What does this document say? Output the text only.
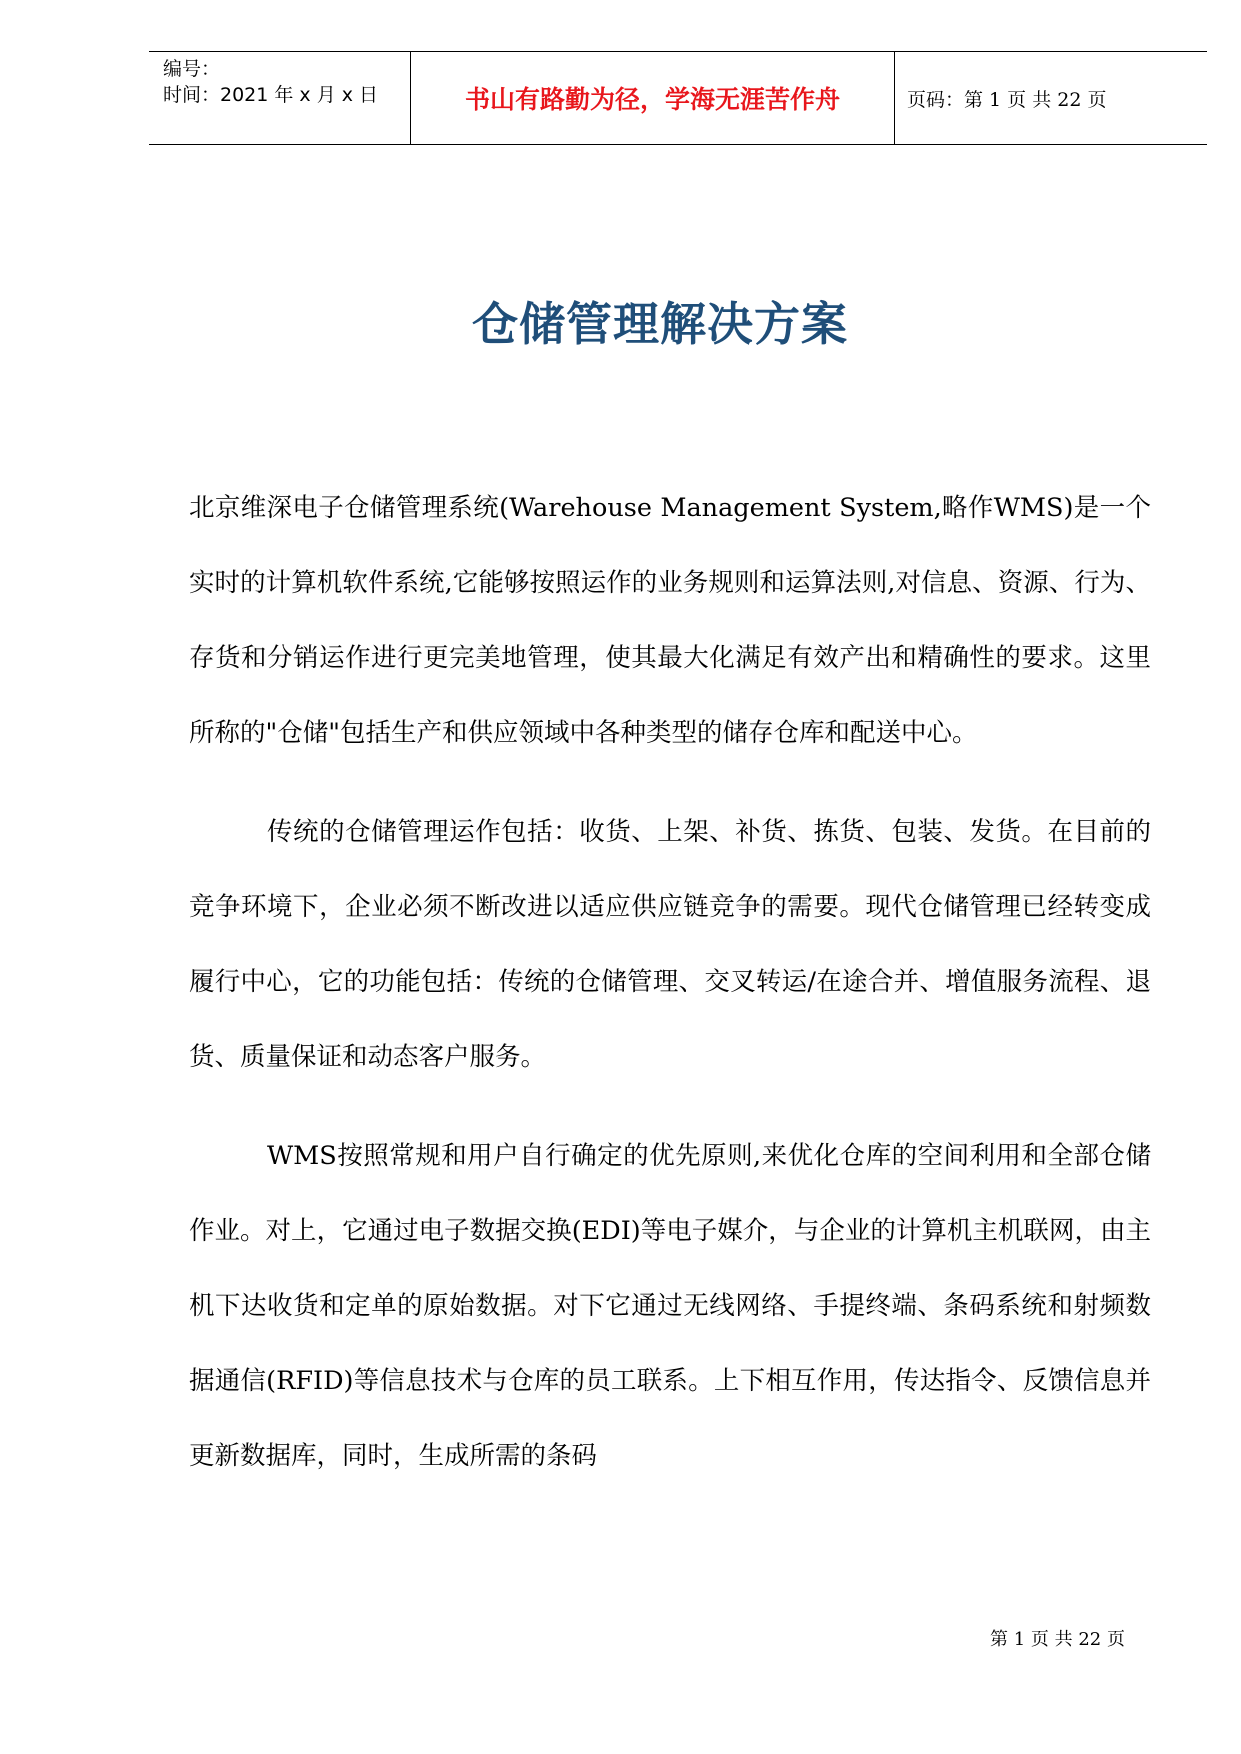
编号：
时间：2021 年 x 月 x 日	书山有路勤为径，学海无涯苦作舟	页码：第 1 页 共 22 页
仓储管理解决方案

北京维深电子仓储管理系统(Warehouse Management System,略作WMS)是一个实时的计算机软件系统,它能够按照运作的业务规则和运算法则,对信息、资源、行为、存货和分销运作进行更完美地管理，使其最大化满足有效产出和精确性的要求。这里所称的"仓储"包括生产和供应领域中各种类型的储存仓库和配送中心。

　　　传统的仓储管理运作包括：收货、上架、补货、拣货、包装、发货。在目前的竞争环境下，企业必须不断改进以适应供应链竞争的需要。现代仓储管理已经转变成履行中心，它的功能包括：传统的仓储管理、交叉转运/在途合并、增值服务流程、退货、质量保证和动态客户服务。

　　　WMS按照常规和用户自行确定的优先原则,来优化仓库的空间利用和全部仓储作业。对上，它通过电子数据交换(EDI)等电子媒介，与企业的计算机主机联网，由主机下达收货和定单的原始数据。对下它通过无线网络、手提终端、条码系统和射频数据通信(RFID)等信息技术与仓库的员工联系。上下相互作用，传达指令、反馈信息并更新数据库，同时，生成所需的条码

第 1 页 共 22 页
